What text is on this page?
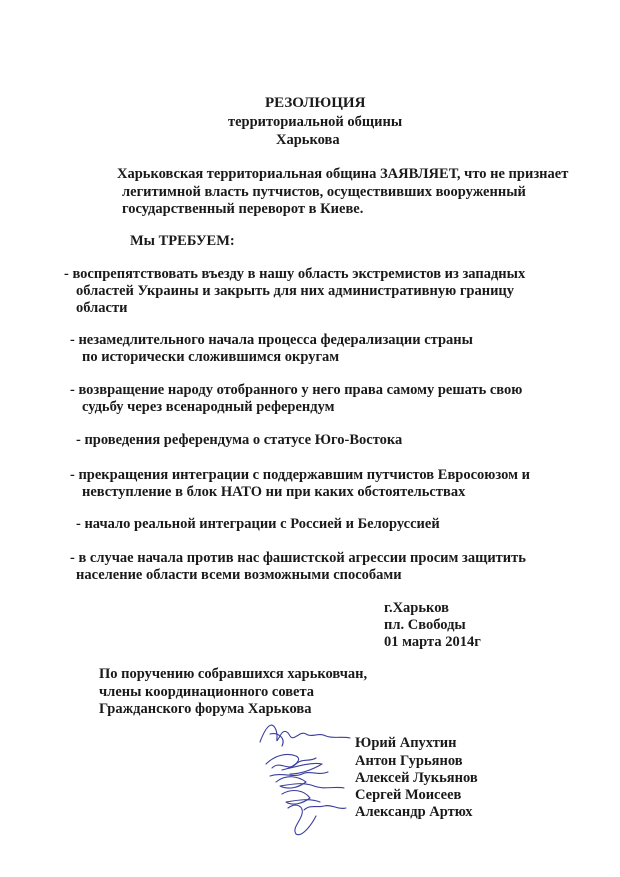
РЕЗОЛЮЦИЯ

территориальной общины

Харькова

Харьковская территориальная община ЗАЯВЛЯЕТ, что не признает

легитимной власть путчистов, осуществивших вооруженный

государственный переворот в Киеве.

Мы ТРЕБУЕМ:

- воспрепятствовать въезду в нашу область экстремистов из западных

областей Украины и закрыть для них административную границу

области

- незамедлительного начала процесса федерализации страны

по исторически сложившимся округам

- возвращение народу отобранного у него права самому решать свою

судьбу через всенародный референдум

- проведения референдума о статусе Юго-Востока

- прекращения интеграции с поддержавшим путчистов Евросоюзом и

невступление в блок НАТО ни при каких обстоятельствах

- начало реальной интеграции с Россией и Белоруссией

- в случае начала против нас фашистской агрессии просим защитить

население области всеми возможными способами

г.Харьков

пл. Свободы

01 марта 2014г

По поручению собравшихся харьковчан,

члены координационного совета

Гражданского форума Харькова

Юрий Апухтин

Антон Гурьянов

Алексей Лукьянов

Сергей Моисеев

Александр Артюх
